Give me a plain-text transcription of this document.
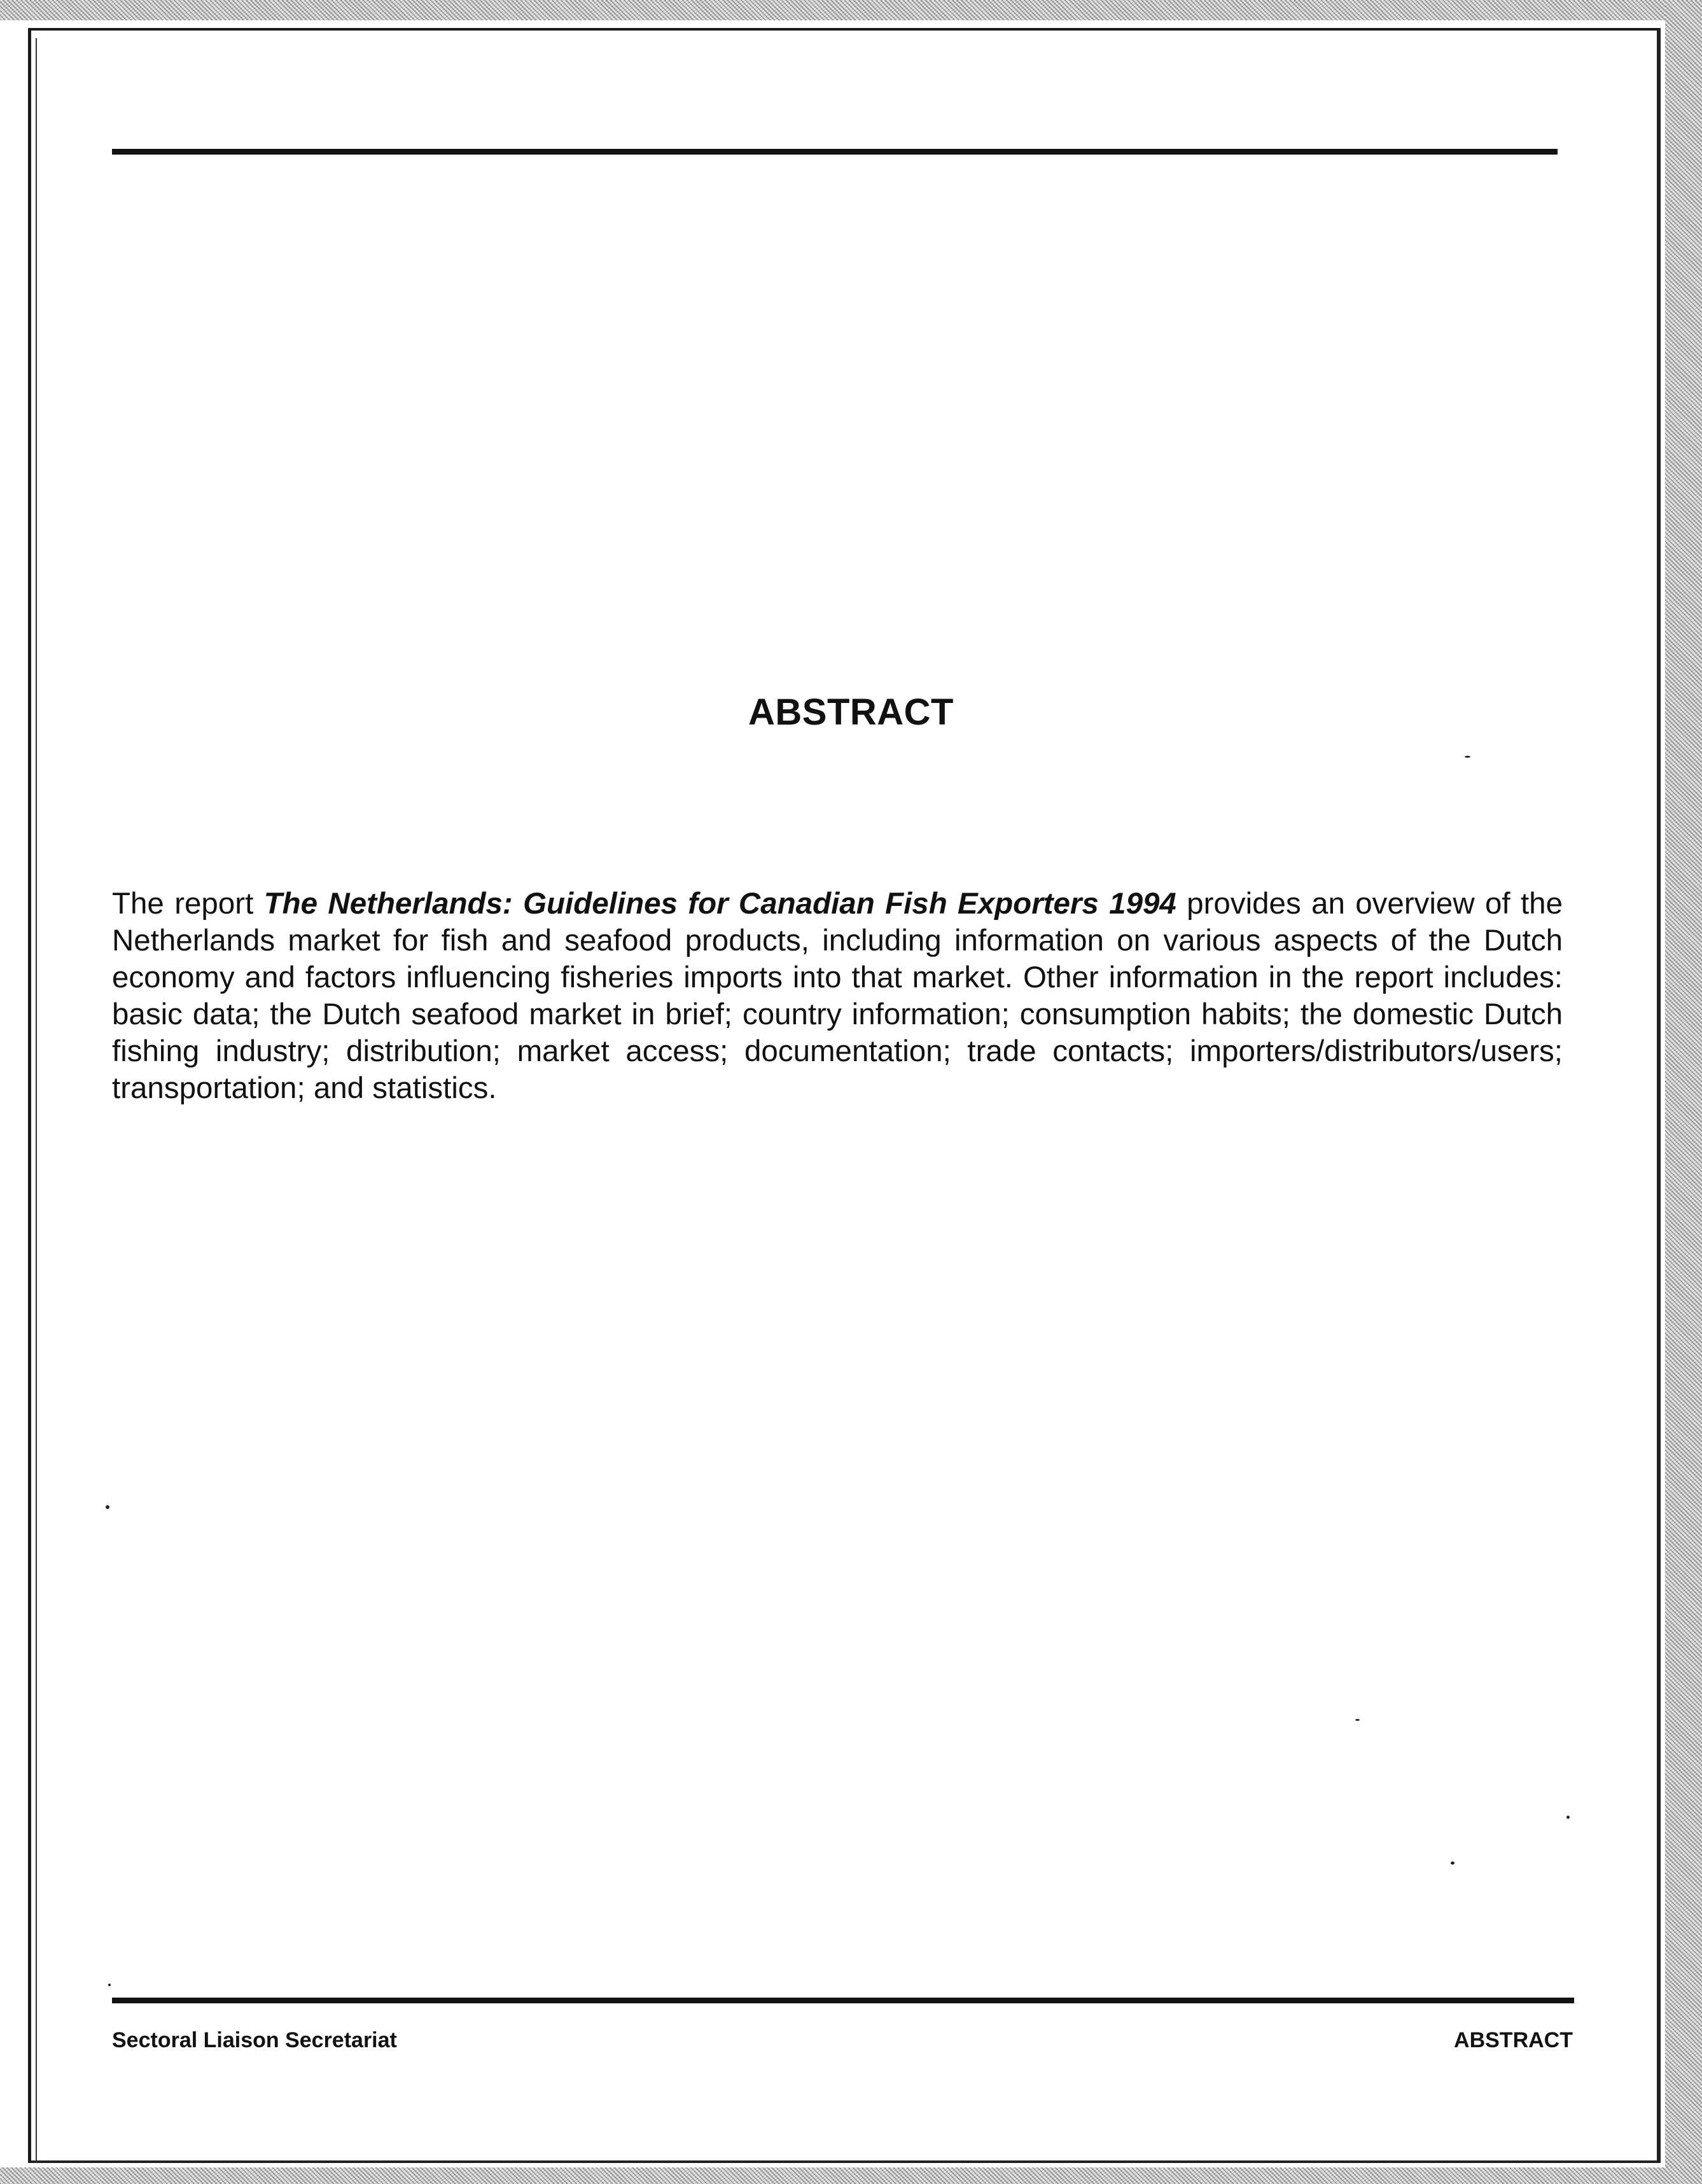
ABSTRACT

The report The Netherlands: Guidelines for Canadian Fish Exporters 1994 provides an overview of the Netherlands market for fish and seafood products, including information on various aspects of the Dutch economy and factors influencing fisheries imports into that market. Other information in the report includes: basic data; the Dutch seafood market in brief; country information; consumption habits; the domestic Dutch fishing industry; distribution; market access; documentation; trade contacts; importers/distributors/users; transportation; and statistics.

Sectoral Liaison Secretariat	ABSTRACT
